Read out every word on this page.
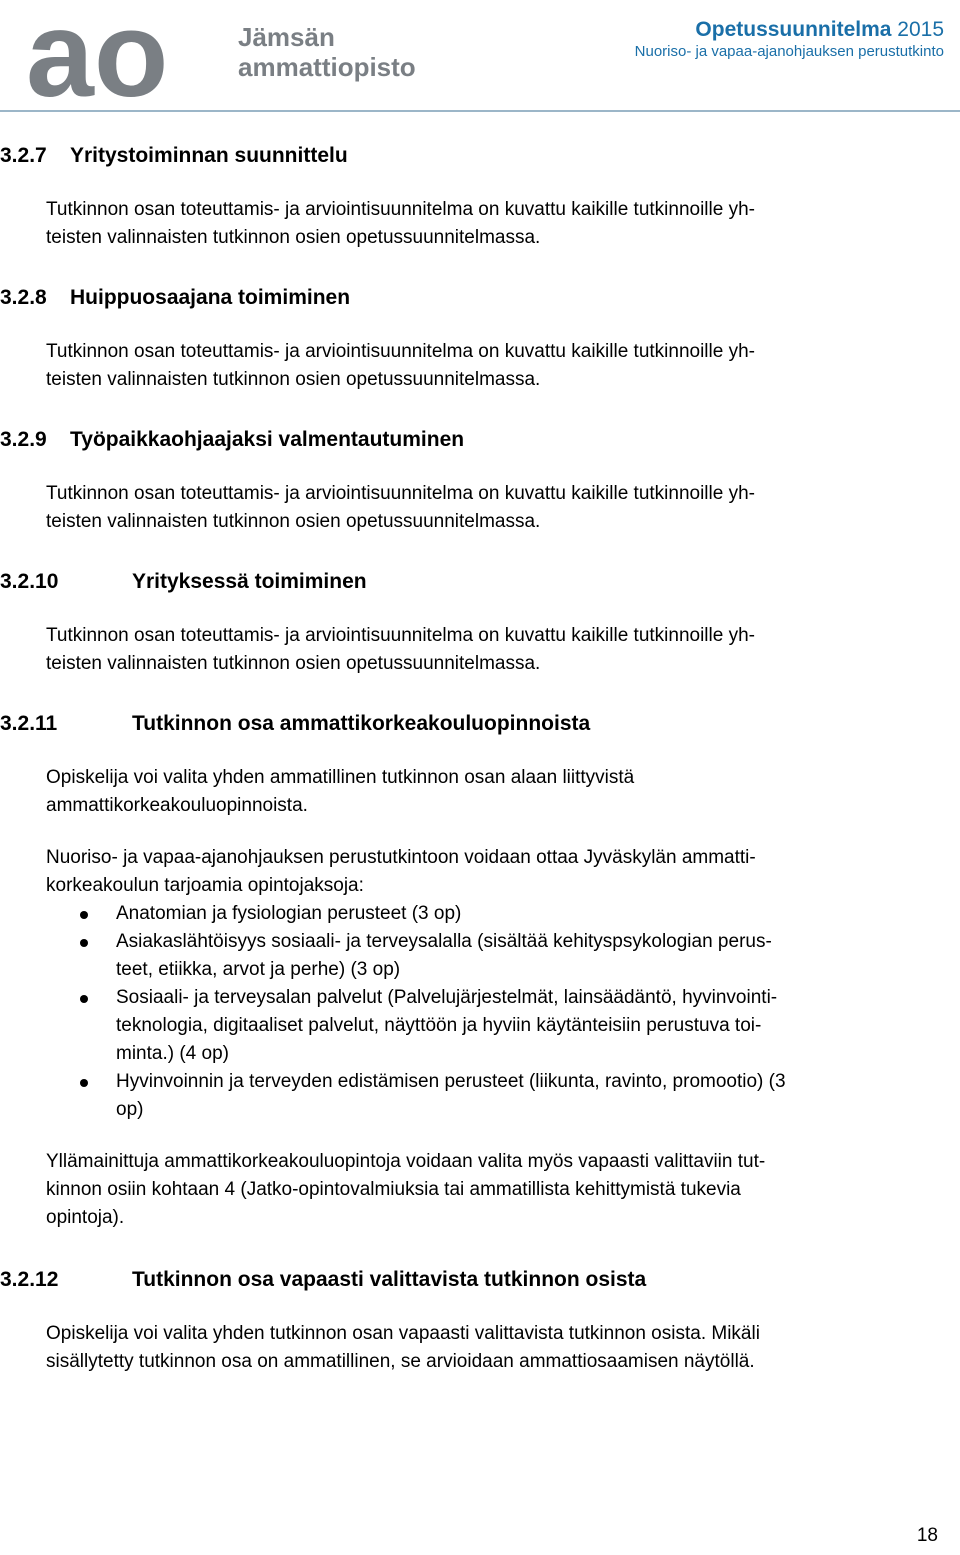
ao	Jämsän
ammattiopisto
Opetussuunnitelma 2015
Nuoriso- ja vapaa-ajanohjauksen perustutkinto
3.2.7 Yritystoiminnan suunnittelu

Tutkinnon osan toteuttamis- ja arviointisuunnitelma on kuvattu kaikille tutkinnoille yh-

teisten valinnaisten tutkinnon osien opetussuunnitelmassa.

3.2.8 Huippuosaajana toimiminen

Tutkinnon osan toteuttamis- ja arviointisuunnitelma on kuvattu kaikille tutkinnoille yh-

teisten valinnaisten tutkinnon osien opetussuunnitelmassa.

3.2.9 Työpaikkaohjaajaksi valmentautuminen

Tutkinnon osan toteuttamis- ja arviointisuunnitelma on kuvattu kaikille tutkinnoille yh-

teisten valinnaisten tutkinnon osien opetussuunnitelmassa.

3.2.10	Yrityksessä toimiminen

Tutkinnon osan toteuttamis- ja arviointisuunnitelma on kuvattu kaikille tutkinnoille yh-

teisten valinnaisten tutkinnon osien opetussuunnitelmassa.

3.2.11	Tutkinnon osa ammattikorkeakouluopinnoista

Opiskelija voi valita yhden ammatillinen tutkinnon osan alaan liittyvistä

ammattikorkeakouluopinnoista.

Nuoriso- ja vapaa-ajanohjauksen perustutkintoon voidaan ottaa Jyväskylän ammatti-

korkeakoulun tarjoamia opintojaksoja:

Anatomian ja fysiologian perusteet (3 op)
Asiakaslähtöisyys sosiaali- ja terveysalalla (sisältää kehityspsykologian perus-
teet, etiikka, arvot ja perhe) (3 op)
Sosiaali- ja terveysalan palvelut (Palvelujärjestelmät, lainsäädäntö, hyvinvointi-
teknologia, digitaaliset palvelut, näyttöön ja hyviin käytänteisiin perustuva toi-
minta.) (4 op)
Hyvinvoinnin ja terveyden edistämisen perusteet (liikunta, ravinto, promootio) (3
op)

Yllämainittuja ammattikorkeakouluopintoja voidaan valita myös vapaasti valittaviin tut-

kinnon osiin kohtaan 4 (Jatko-opintovalmiuksia tai ammatillista kehittymistä tukevia

opintoja).

3.2.12	Tutkinnon osa vapaasti valittavista tutkinnon osista

Opiskelija voi valita yhden tutkinnon osan vapaasti valittavista tutkinnon osista. Mikäli

sisällytetty tutkinnon osa on ammatillinen, se arvioidaan ammattiosaamisen näytöllä.

18
